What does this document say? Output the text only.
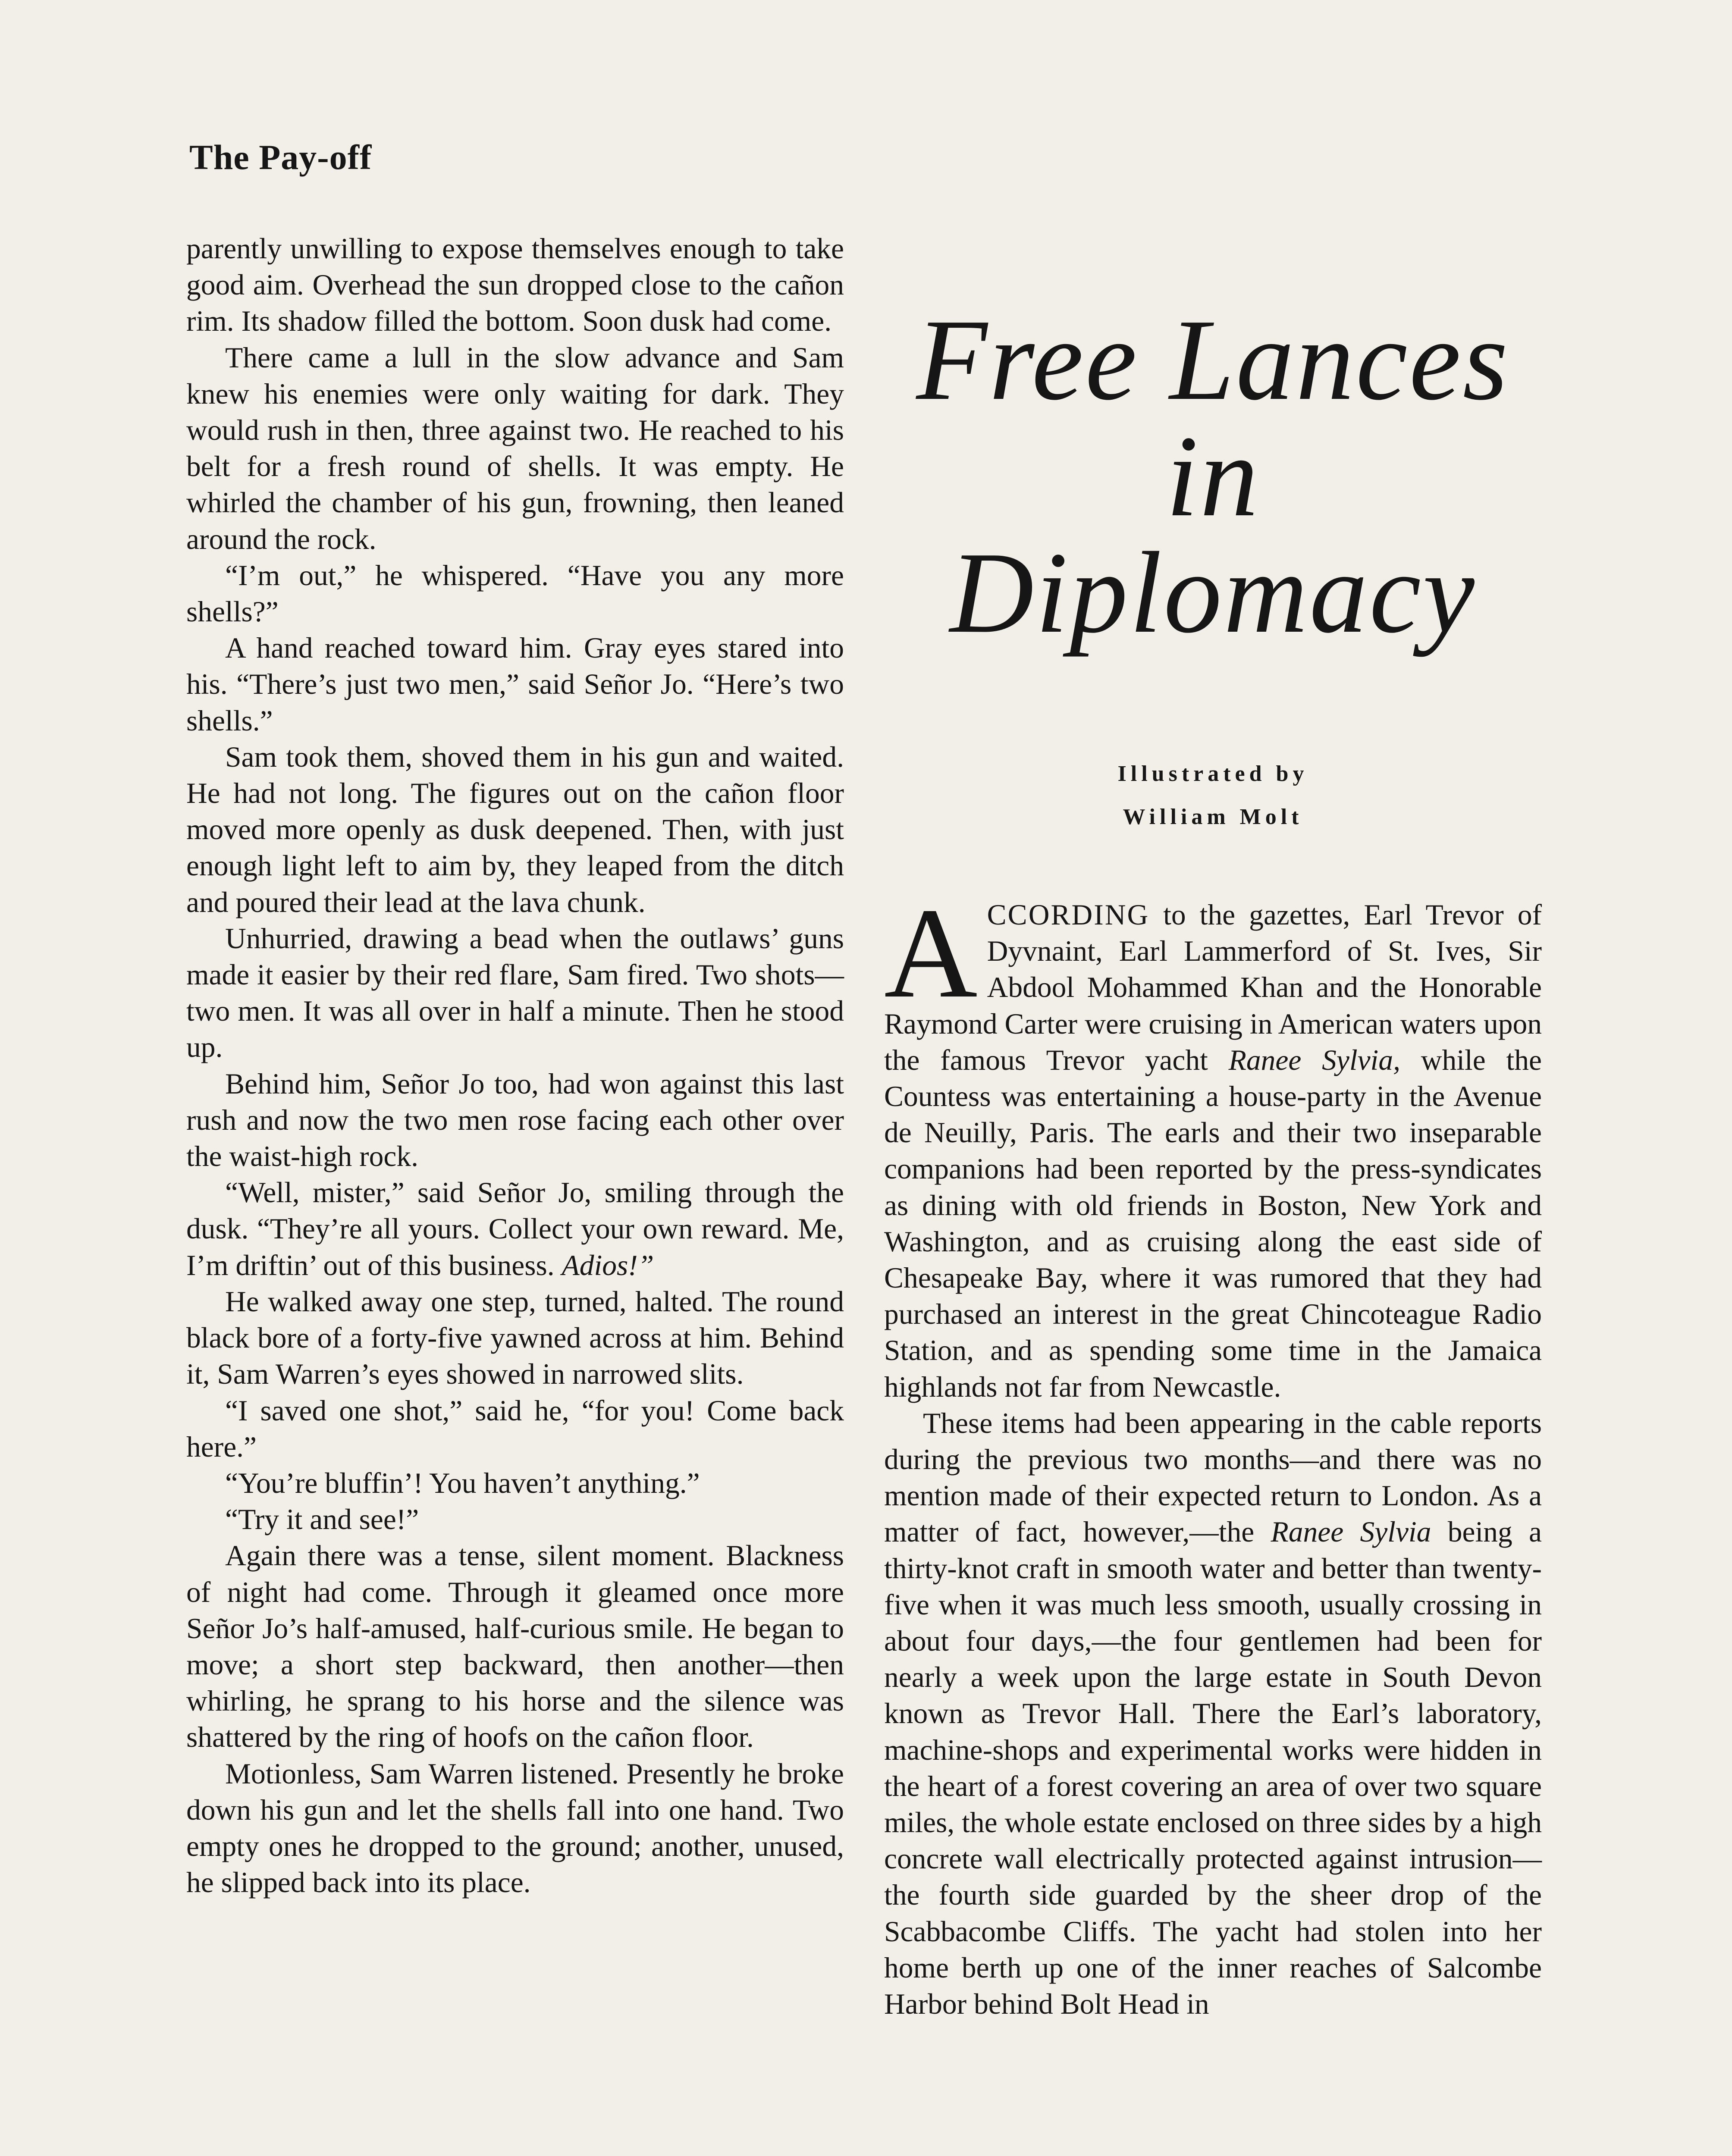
The Pay-off

parently unwilling to expose themselves enough to take good aim. Overhead the sun dropped close to the cañon rim. Its shadow filled the bottom. Soon dusk had come.

There came a lull in the slow advance and Sam knew his enemies were only waiting for dark. They would rush in then, three against two. He reached to his belt for a fresh round of shells. It was empty. He whirled the chamber of his gun, frowning, then leaned around the rock.

“I’m out,” he whispered. “Have you any more shells?”

A hand reached toward him. Gray eyes stared into his. “There’s just two men,” said Señor Jo. “Here’s two shells.”

Sam took them, shoved them in his gun and waited. He had not long. The figures out on the cañon floor moved more openly as dusk deepened. Then, with just enough light left to aim by, they leaped from the ditch and poured their lead at the lava chunk.

Unhurried, drawing a bead when the outlaws’ guns made it easier by their red flare, Sam fired. Two shots—two men. It was all over in half a minute. Then he stood up.

Behind him, Señor Jo too, had won against this last rush and now the two men rose facing each other over the waist-high rock.

“Well, mister,” said Señor Jo, smiling through the dusk. “They’re all yours. Collect your own reward. Me, I’m driftin’ out of this business. Adios!”

He walked away one step, turned, halted. The round black bore of a forty-five yawned across at him. Behind it, Sam Warren’s eyes showed in narrowed slits.

“I saved one shot,” said he, “for you! Come back here.”

“You’re bluffin’! You haven’t anything.”

“Try it and see!”

Again there was a tense, silent moment. Blackness of night had come. Through it gleamed once more Señor Jo’s half-amused, half-curious smile. He began to move; a short step backward, then another—then whirling, he sprang to his horse and the silence was shattered by the ring of hoofs on the cañon floor.

Motionless, Sam Warren listened. Presently he broke down his gun and let the shells fall into one hand. Two empty ones he dropped to the ground; another, unused, he slipped back into its place.

Free Lances
in
Diplomacy
Illustrated by
William Molt

ACCORDING to the gazettes, Earl Trevor of Dyvnaint, Earl Lammerford of St. Ives, Sir Abdool Mohammed Khan and the Honorable Raymond Carter were cruising in American waters upon the famous Trevor yacht Ranee Sylvia, while the Countess was entertaining a house-party in the Avenue de Neuilly, Paris. The earls and their two inseparable companions had been reported by the press-syndicates as dining with old friends in Boston, New York and Washington, and as cruising along the east side of Chesapeake Bay, where it was rumored that they had purchased an interest in the great Chincoteague Radio Station, and as spending some time in the Jamaica highlands not far from Newcastle.

These items had been appearing in the cable reports during the previous two months—and there was no mention made of their expected return to London. As a matter of fact, however,—the Ranee Sylvia being a thirty-knot craft in smooth water and better than twenty-five when it was much less smooth, usually crossing in about four days,—the four gentlemen had been for nearly a week upon the large estate in South Devon known as Trevor Hall. There the Earl’s laboratory, machine-shops and experimental works were hidden in the heart of a forest covering an area of over two square miles, the whole estate enclosed on three sides by a high concrete wall electrically protected against intrusion—the fourth side guarded by the sheer drop of the Scabbacombe Cliffs. The yacht had stolen into her home berth up one of the inner reaches of Salcombe Harbor behind Bolt Head in
